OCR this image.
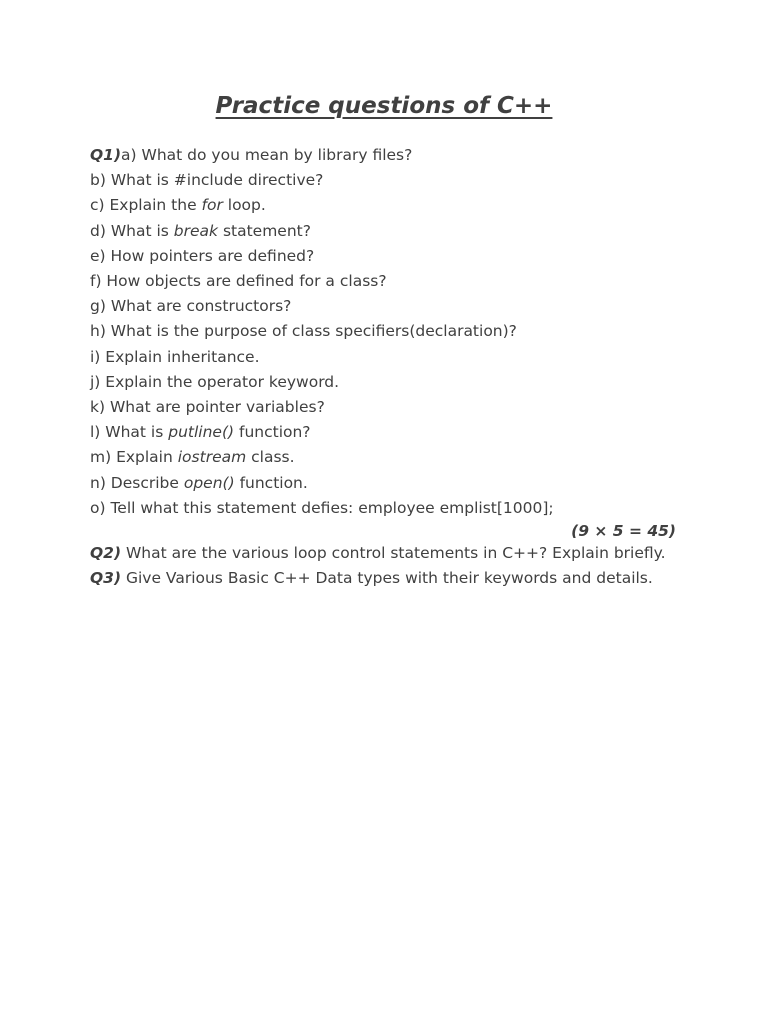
Practice questions of C++
Q1)a) What do you mean by library files?
b) What is #include directive?
c) Explain the for loop.
d) What is break statement?
e) How pointers are defined?
f) How objects are defined for a class?
g) What are constructors?
h) What is the purpose of class specifiers(declaration)?
i) Explain inheritance.
j) Explain the operator keyword.
k) What are pointer variables?
l) What is putline() function?
m) Explain iostream class.
n) Describe open() function.
o) Tell what this statement defies: employee emplist[1000];
(9 × 5 = 45)
Q2) What are the various loop control statements in C++? Explain briefly.
Q3) Give Various Basic C++ Data types with their keywords and details.
